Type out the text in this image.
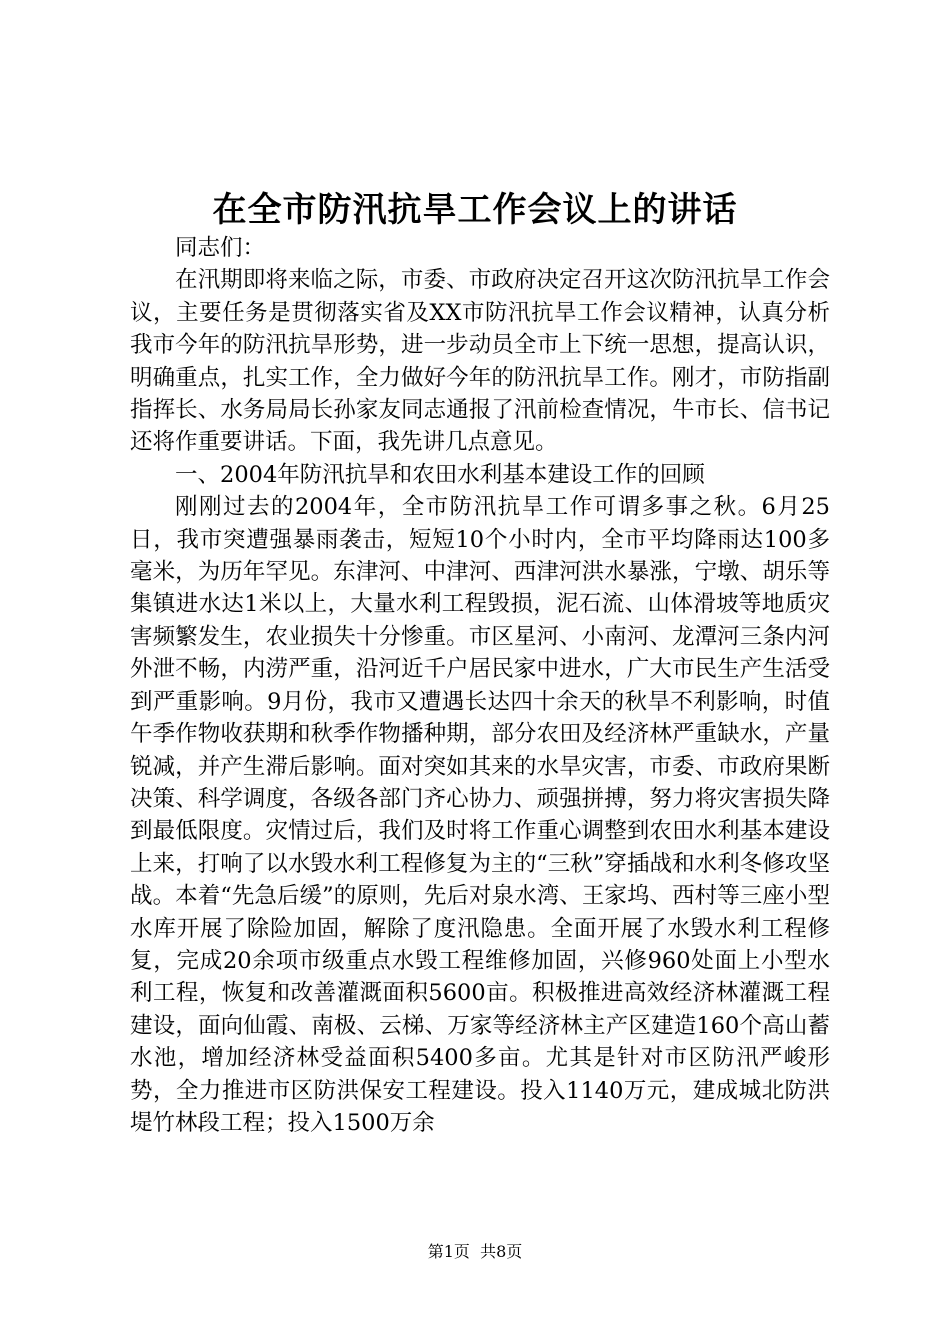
在全市防汛抗旱工作会议上的讲话

同志们：

在汛期即将来临之际，市委、市政府决定召开这次防汛抗旱工作会议，主要任务是贯彻落实省及XX市防汛抗旱工作会议精神，认真分析我市今年的防汛抗旱形势，进一步动员全市上下统一思想，提高认识，明确重点，扎实工作，全力做好今年的防汛抗旱工作。刚才，市防指副指挥长、水务局局长孙家友同志通报了汛前检查情况，牛市长、信书记还将作重要讲话。下面，我先讲几点意见。

一、2004年防汛抗旱和农田水利基本建设工作的回顾

刚刚过去的2004年，全市防汛抗旱工作可谓多事之秋。6月25日，我市突遭强暴雨袭击，短短10个小时内，全市平均降雨达100多毫米，为历年罕见。东津河、中津河、西津河洪水暴涨，宁墩、胡乐等集镇进水达1米以上，大量水利工程毁损，泥石流、山体滑坡等地质灾害频繁发生，农业损失十分惨重。市区星河、小南河、龙潭河三条内河外泄不畅，内涝严重，沿河近千户居民家中进水，广大市民生产生活受到严重影响。9月份，我市又遭遇长达四十余天的秋旱不利影响，时值午季作物收获期和秋季作物播种期，部分农田及经济林严重缺水，产量锐减，并产生滞后影响。面对突如其来的水旱灾害，市委、市政府果断决策、科学调度，各级各部门齐心协力、顽强拼搏，努力将灾害损失降到最低限度。灾情过后，我们及时将工作重心调整到农田水利基本建设上来，打响了以水毁水利工程修复为主的“三秋”穿插战和水利冬修攻坚战。本着“先急后缓”的原则，先后对泉水湾、王家坞、西村等三座小型水库开展了除险加固，解除了度汛隐患。全面开展了水毁水利工程修复，完成20余项市级重点水毁工程维修加固，兴修960处面上小型水利工程，恢复和改善灌溉面积5600亩。积极推进高效经济林灌溉工程建设，面向仙霞、南极、云梯、万家等经济林主产区建造160个高山蓄水池，增加经济林受益面积5400多亩。尤其是针对市区防汛严峻形势，全力推进市区防洪保安工程建设。投入1140万元，建成城北防洪堤竹林段工程；投入1500万余

第1页 共8页
